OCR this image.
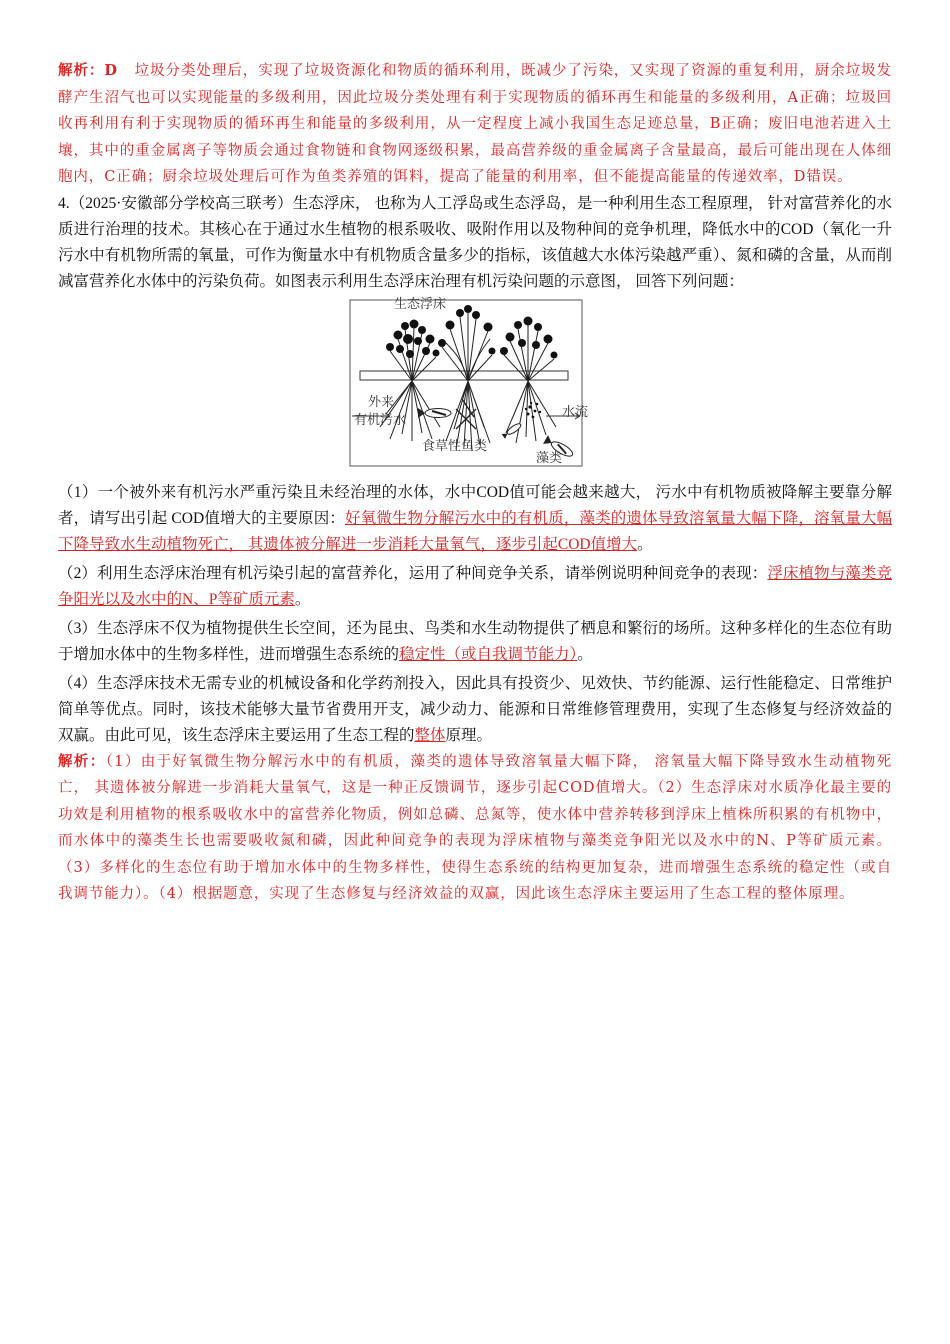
解析：D 垃圾分类处理后，实现了垃圾资源化和物质的循环利用，既减少了污染，又实现了资源的重复利用，厨余垃圾发酵产生沼气也可以实现能量的多级利用，因此垃圾分类处理有利于实现物质的循环再生和能量的多级利用，A正确；垃圾回收再利用有利于实现物质的循环再生和能量的多级利用，从一定程度上减小我国生态足迹总量，B正确；废旧电池若进入土壤，其中的重金属离子等物质会通过食物链和食物网逐级积累，最高营养级的重金属离子含量最高，最后可能出现在人体细胞内，C正确；厨余垃圾处理后可作为鱼类养殖的饵料，提高了能量的利用率，但不能提高能量的传递效率，D错误。
4.（2025·安徽部分学校高三联考）生态浮床， 也称为人工浮岛或生态浮岛，是一种利用生态工程原理， 针对富营养化的水质进行治理的技术。其核心在于通过水生植物的根系吸收、吸附作用以及物种间的竞争机理，降低水中的COD（氧化一升污水中有机物所需的氧量，可作为衡量水中有机物质含量多少的指标，该值越大水体污染越严重）、氮和磷的含量，从而削减富营养化水体中的污染负荷。如图表示利用生态浮床治理有机污染问题的示意图， 回答下列问题：
生态浮床
外来
有机污水
水流
食草性鱼类
藻类
（1）一个被外来有机污水严重污染且未经治理的水体，水中COD值可能会越来越大， 污水中有机物质被降解主要靠分解者，请写出引起 COD值增大的主要原因：好氧微生物分解污水中的有机质，藻类的遗体导致溶氧量大幅下降，溶氧量大幅下降导致水生动植物死亡， 其遗体被分解进一步消耗大量氧气，逐步引起COD值增大。
（2）利用生态浮床治理有机污染引起的富营养化，运用了种间竞争关系，请举例说明种间竞争的表现：浮床植物与藻类竞争阳光以及水中的N、P等矿质元素。
（3）生态浮床不仅为植物提供生长空间，还为昆虫、鸟类和水生动物提供了栖息和繁衍的场所。这种多样化的生态位有助于增加水体中的生物多样性，进而增强生态系统的稳定性（或自我调节能力）。
（4）生态浮床技术无需专业的机械设备和化学药剂投入，因此具有投资少、见效快、节约能源、运行性能稳定、日常维护简单等优点。同时，该技术能够大量节省费用开支，减少动力、能源和日常维修管理费用，实现了生态修复与经济效益的双赢。由此可见，该生态浮床主要运用了生态工程的整体原理。
解析：（1）由于好氧微生物分解污水中的有机质，藻类的遗体导致溶氧量大幅下降， 溶氧量大幅下降导致水生动植物死亡， 其遗体被分解进一步消耗大量氧气，这是一种正反馈调节，逐步引起COD值增大。（2）生态浮床对水质净化最主要的功效是利用植物的根系吸收水中的富营养化物质，例如总磷、总氮等，使水体中营养转移到浮床上植株所积累的有机物中，而水体中的藻类生长也需要吸收氮和磷，因此种间竞争的表现为浮床植物与藻类竞争阳光以及水中的N、P等矿质元素。（3）多样化的生态位有助于增加水体中的生物多样性，使得生态系统的结构更加复杂，进而增强生态系统的稳定性（或自我调节能力）。（4）根据题意，实现了生态修复与经济效益的双赢，因此该生态浮床主要运用了生态工程的整体原理。
